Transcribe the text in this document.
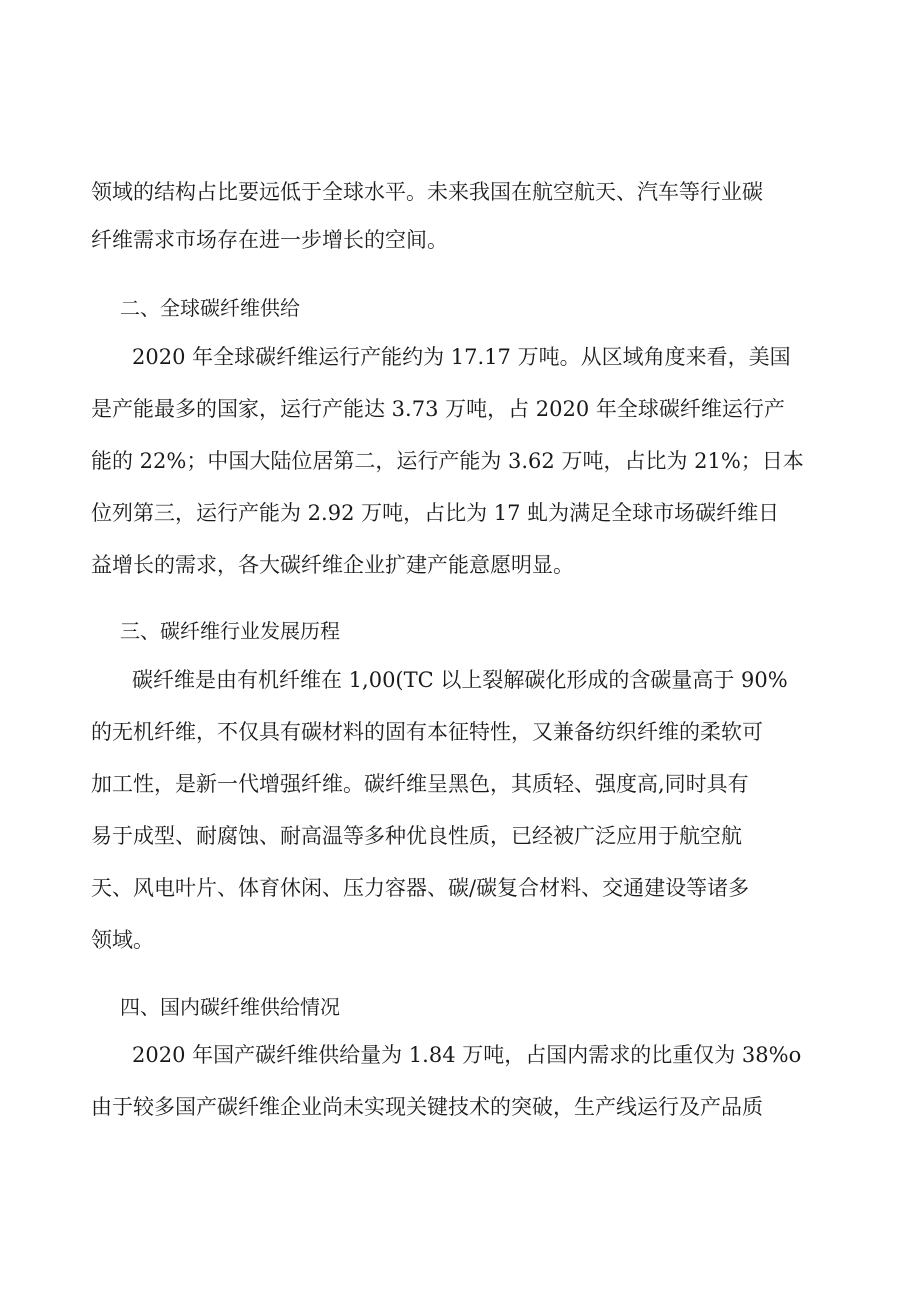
领域的结构占比要远低于全球水平。未来我国在航空航天、汽车等行业碳

纤维需求市场存在进一步增长的空间。

二、全球碳纤维供给

2020 年全球碳纤维运行产能约为 17.17 万吨。从区域角度来看，美国

是产能最多的国家，运行产能达 3.73 万吨，占 2020 年全球碳纤维运行产

能的 22%；中国大陆位居第二，运行产能为 3.62 万吨，占比为 21%；日本

位列第三，运行产能为 2.92 万吨，占比为 17 虬为满足全球市场碳纤维日

益增长的需求，各大碳纤维企业扩建产能意愿明显。

三、碳纤维行业发展历程

碳纤维是由有机纤维在 1,00(TC 以上裂解碳化形成的含碳量高于 90%

的无机纤维，不仅具有碳材料的固有本征特性，又兼备纺织纤维的柔软可

加工性，是新一代增强纤维。碳纤维呈黑色，其质轻、强度高,同时具有

易于成型、耐腐蚀、耐高温等多种优良性质，已经被广泛应用于航空航

天、风电叶片、体育休闲、压力容器、碳/碳复合材料、交通建设等诸多

领域。

四、国内碳纤维供给情况

2020 年国产碳纤维供给量为 1.84 万吨，占国内需求的比重仅为 38%o

由于较多国产碳纤维企业尚未实现关键技术的突破，生产线运行及产品质
